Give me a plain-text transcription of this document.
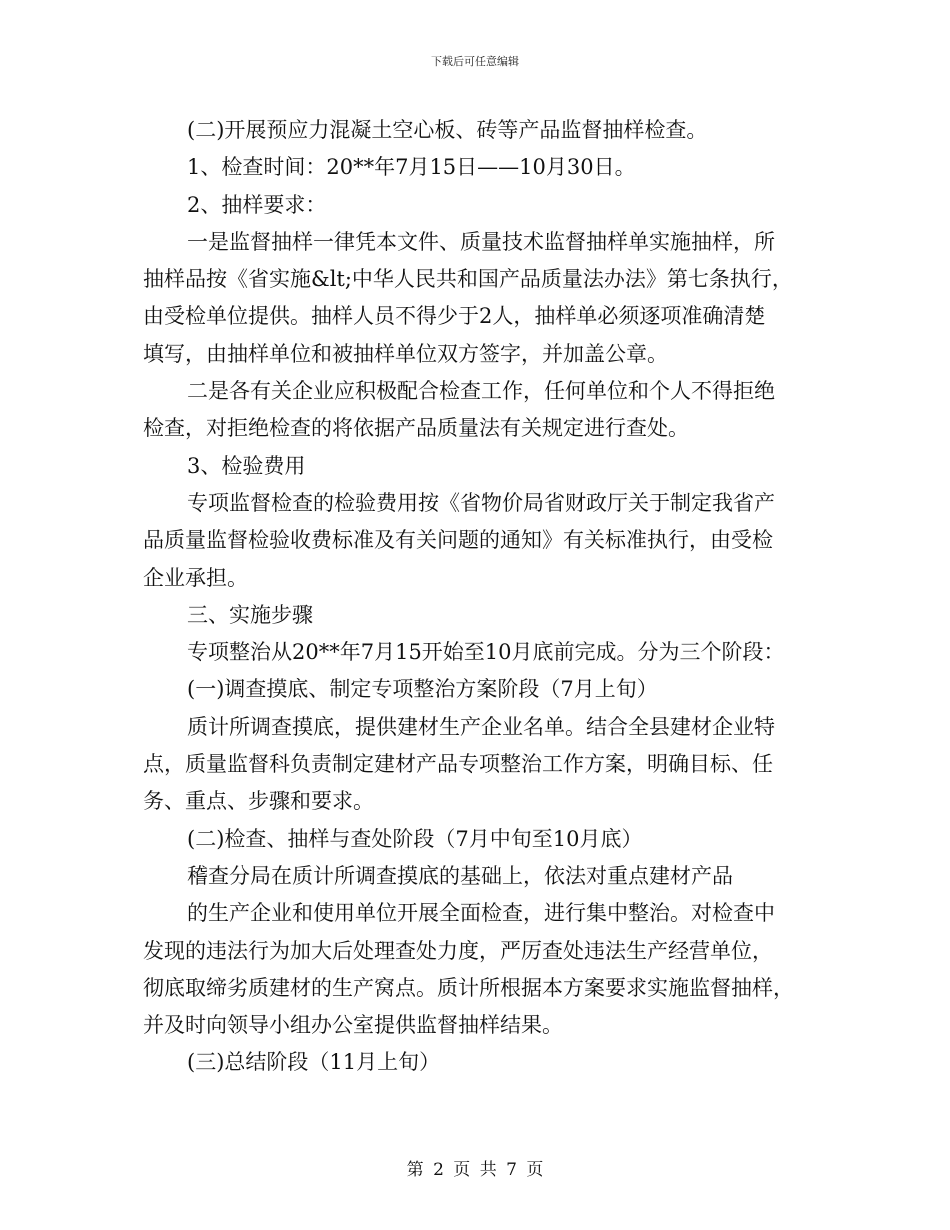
下载后可任意编辑
(二)开展预应力混凝土空心板、砖等产品监督抽样检查。
1、检查时间：20**年7月15日——10月30日。
2、抽样要求：
一是监督抽样一律凭本文件、质量技术监督抽样单实施抽样，所
抽样品按《省实施&lt;中华人民共和国产品质量法办法》第七条执行，
由受检单位提供。抽样人员不得少于2人，抽样单必须逐项准确清楚
填写，由抽样单位和被抽样单位双方签字，并加盖公章。
二是各有关企业应积极配合检查工作，任何单位和个人不得拒绝
检查，对拒绝检查的将依据产品质量法有关规定进行查处。
3、检验费用
专项监督检查的检验费用按《省物价局省财政厅关于制定我省产
品质量监督检验收费标准及有关问题的通知》有关标准执行，由受检
企业承担。
三、实施步骤
专项整治从20**年7月15开始至10月底前完成。分为三个阶段：
(一)调查摸底、制定专项整治方案阶段（7月上旬）
质计所调查摸底，提供建材生产企业名单。结合全县建材企业特
点，质量监督科负责制定建材产品专项整治工作方案，明确目标、任
务、重点、步骤和要求。
(二)检查、抽样与查处阶段（7月中旬至10月底）
稽查分局在质计所调查摸底的基础上，依法对重点建材产品
的生产企业和使用单位开展全面检查，进行集中整治。对检查中
发现的违法行为加大后处理查处力度，严厉查处违法生产经营单位，
彻底取缔劣质建材的生产窝点。质计所根据本方案要求实施监督抽样，
并及时向领导小组办公室提供监督抽样结果。
(三)总结阶段（11月上旬）
第 2 页 共 7 页
